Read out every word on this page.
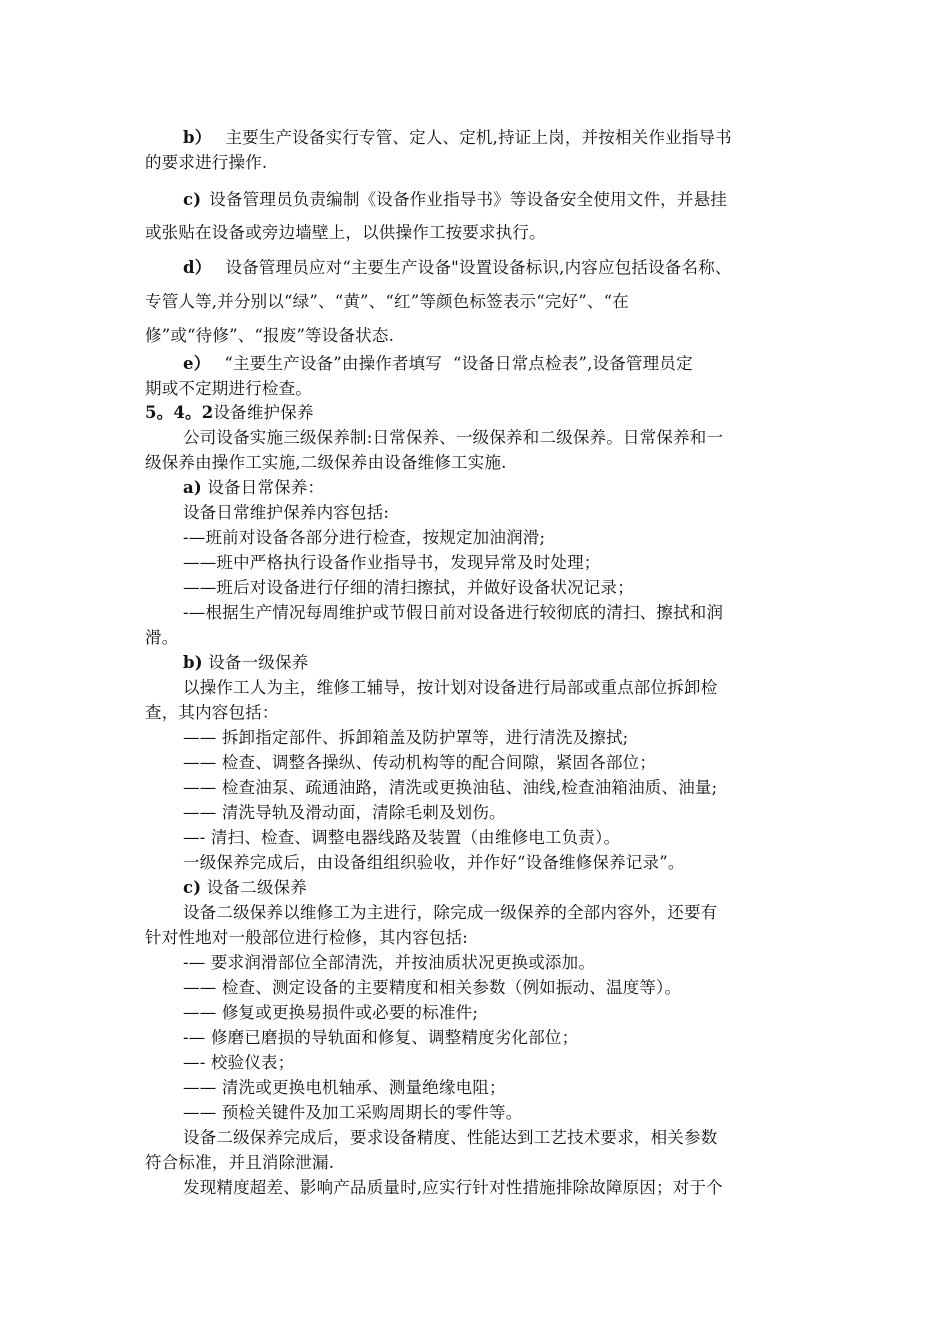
b） 主要生产设备实行专管、定人、定机,持证上岗，并按相关作业指导书
的要求进行操作.
c) 设备管理员负责编制《设备作业指导书》等设备安全使用文件，并悬挂
或张贴在设备或旁边墙壁上，以供操作工按要求执行。
d） 设备管理员应对“主要生产设备"设置设备标识,内容应包括设备名称、
专管人等,并分别以“绿”、“黄”、“红”等颜色标签表示“完好”、“在
修”或“待修”、“报废”等设备状态.
e） “主要生产设备”由操作者填写  “设备日常点检表”,设备管理员定
期或不定期进行检查。
5。4。2设备维护保养
公司设备实施三级保养制:日常保养、一级保养和二级保养。日常保养和一
级保养由操作工实施,二级保养由设备维修工实施.
a) 设备日常保养：
设备日常维护保养内容包括:
-—班前对设备各部分进行检查，按规定加油润滑;
——班中严格执行设备作业指导书，发现异常及时处理；
——班后对设备进行仔细的清扫擦拭，并做好设备状况记录；
-—根据生产情况每周维护或节假日前对设备进行较彻底的清扫、擦拭和润
滑。
b) 设备一级保养
以操作工人为主，维修工辅导，按计划对设备进行局部或重点部位拆卸检
查，其内容包括：
—— 拆卸指定部件、拆卸箱盖及防护罩等，进行清洗及擦拭;
—— 检查、调整各操纵、传动机构等的配合间隙，紧固各部位；
—— 检查油泵、疏通油路，清洗或更换油毡、油线,检查油箱油质、油量;
—— 清洗导轨及滑动面，清除毛刺及划伤。
—- 清扫、检查、调整电器线路及装置（由维修电工负责）。
一级保养完成后，由设备组组织验收，并作好“设备维修保养记录”。
c) 设备二级保养
设备二级保养以维修工为主进行，除完成一级保养的全部内容外，还要有
针对性地对一般部位进行检修，其内容包括:
-— 要求润滑部位全部清洗，并按油质状况更换或添加。
—— 检查、测定设备的主要精度和相关参数（例如振动、温度等）。
—— 修复或更换易损件或必要的标准件;
-— 修磨已磨损的导轨面和修复、调整精度劣化部位；
—- 校验仪表；
—— 清洗或更换电机轴承、测量绝缘电阻；
—— 预检关键件及加工采购周期长的零件等。
设备二级保养完成后，要求设备精度、性能达到工艺技术要求，相关参数
符合标准，并且消除泄漏.
发现精度超差、影响产品质量时,应实行针对性措施排除故障原因；对于个
